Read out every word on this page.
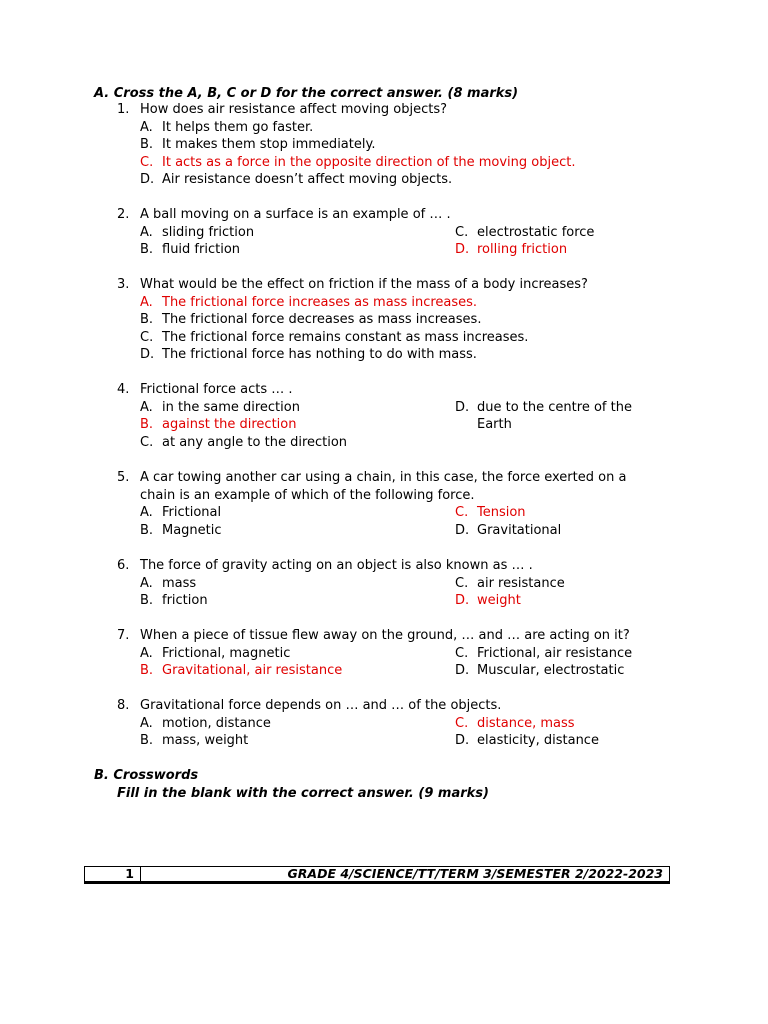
A. Cross the A, B, C or D for the correct answer. (8 marks)
1. How does air resistance affect moving objects?
A. It helps them go faster.
B. It makes them stop immediately.
C. It acts as a force in the opposite direction of the moving object.
D. Air resistance doesn’t affect moving objects.
2. A ball moving on a surface is an example of … .
A. sliding friction	C. electrostatic force
B. fluid friction	D. rolling friction
3. What would be the effect on friction if the mass of a body increases?
A. The frictional force increases as mass increases.
B. The frictional force decreases as mass increases.
C. The frictional force remains constant as mass increases.
D. The frictional force has nothing to do with mass.
4. Frictional force acts … .
A. in the same direction	D. due to the centre of the Earth
B. against the direction
C. at any angle to the direction
5. A car towing another car using a chain, in this case, the force exerted on a chain is an example of which of the following force.
A. Frictional	C. Tension
B. Magnetic	D. Gravitational
6. The force of gravity acting on an object is also known as … .
A. mass	C. air resistance
B. friction	D. weight
7. When a piece of tissue flew away on the ground, … and … are acting on it?
A. Frictional, magnetic	C. Frictional, air resistance
B. Gravitational, air resistance	D. Muscular, electrostatic
8. Gravitational force depends on … and … of the objects.
A. motion, distance	C. distance, mass
B. mass, weight	D. elasticity, distance
B. Crosswords
Fill in the blank with the correct answer. (9 marks)
1	GRADE 4/SCIENCE/TT/TERM 3/SEMESTER 2/2022-2023
